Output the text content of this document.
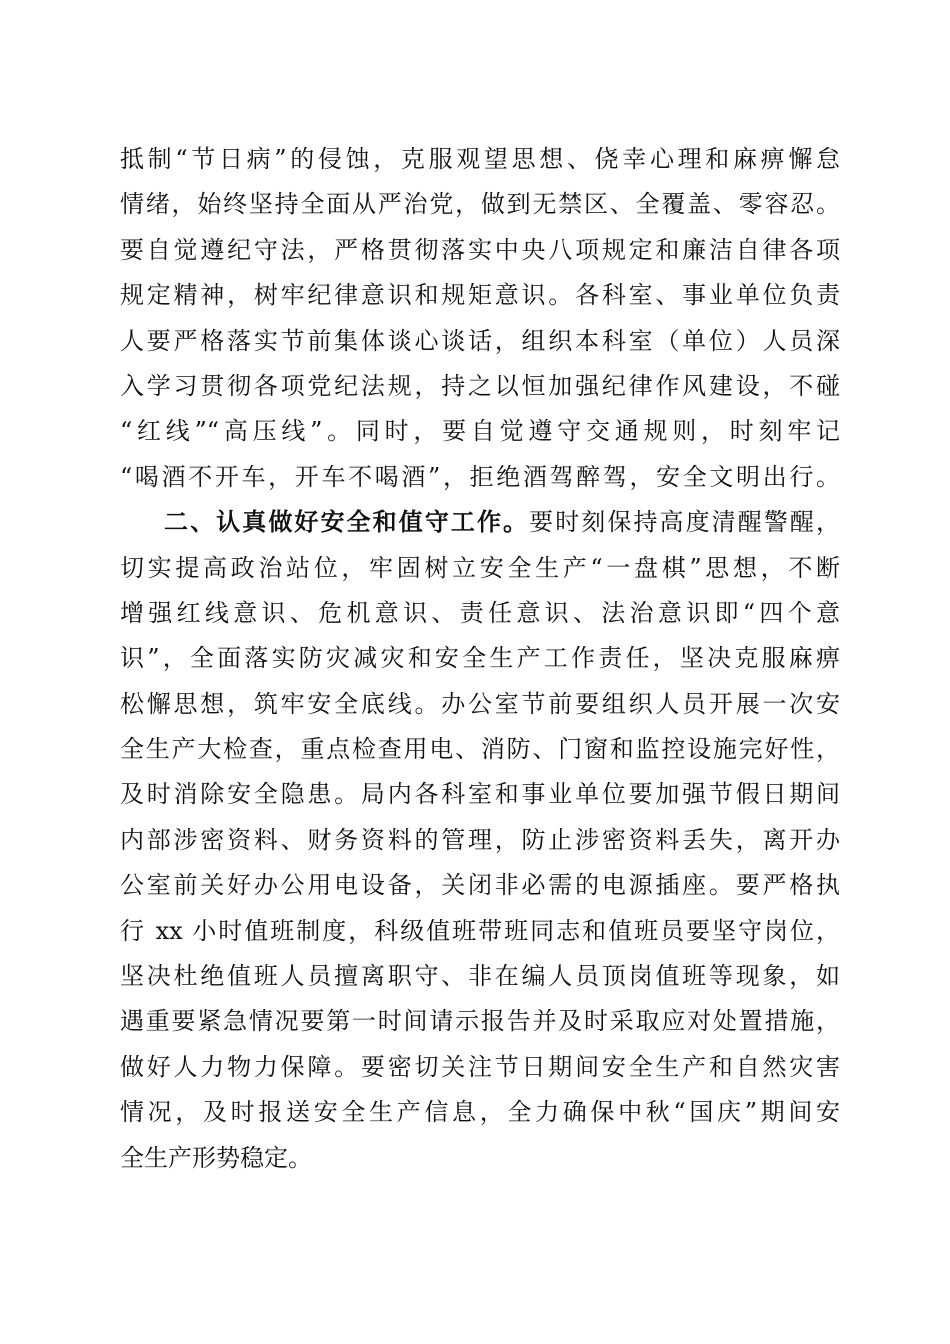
抵制“节日病”的侵蚀，克服观望思想、侥幸心理和麻痹懈怠
情绪，始终坚持全面从严治党，做到无禁区、全覆盖、零容忍。
要自觉遵纪守法，严格贯彻落实中央八项规定和廉洁自律各项
规定精神，树牢纪律意识和规矩意识。各科室、事业单位负责
人要严格落实节前集体谈心谈话，组织本科室（单位）人员深
入学习贯彻各项党纪法规，持之以恒加强纪律作风建设，不碰
“红线”“高压线”。同时，要自觉遵守交通规则，时刻牢记
“喝酒不开车，开车不喝酒”，拒绝酒驾醉驾，安全文明出行。
二、认真做好安全和值守工作。要时刻保持高度清醒警醒，
切实提高政治站位，牢固树立安全生产“一盘棋”思想，不断
增强红线意识、危机意识、责任意识、法治意识即“四个意
识”，全面落实防灾减灾和安全生产工作责任，坚决克服麻痹
松懈思想，筑牢安全底线。办公室节前要组织人员开展一次安
全生产大检查，重点检查用电、消防、门窗和监控设施完好性，
及时消除安全隐患。局内各科室和事业单位要加强节假日期间
内部涉密资料、财务资料的管理，防止涉密资料丢失，离开办
公室前关好办公用电设备，关闭非必需的电源插座。要严格执
行 xx 小时值班制度，科级值班带班同志和值班员要坚守岗位，
坚决杜绝值班人员擅离职守、非在编人员顶岗值班等现象，如
遇重要紧急情况要第一时间请示报告并及时采取应对处置措施，
做好人力物力保障。要密切关注节日期间安全生产和自然灾害
情况，及时报送安全生产信息，全力确保中秋“国庆”期间安
全生产形势稳定。
